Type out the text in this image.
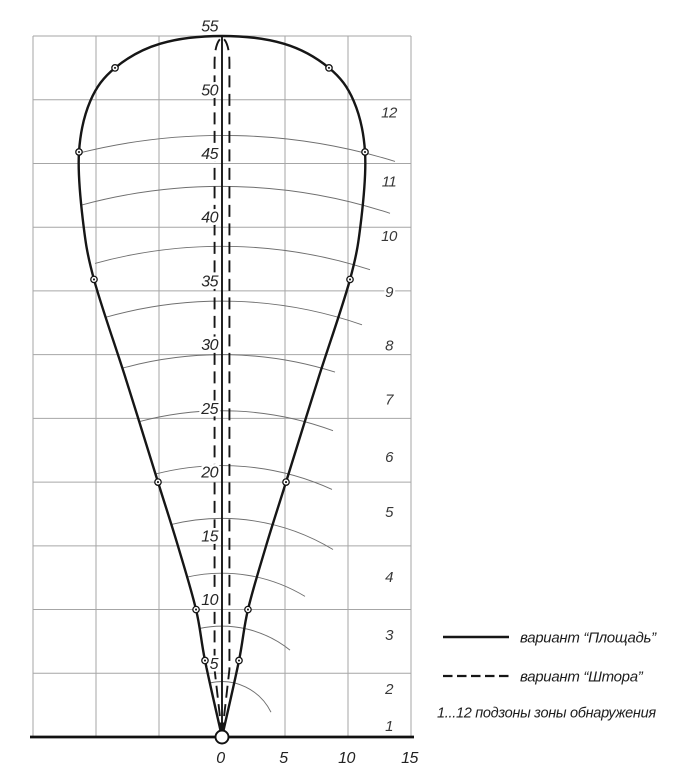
5
10
15
20
25
30
35
40
45
50
55
1
2
3
4
5
6
7
8
9
10
11
12
0	5	10	15
вариант “Площадь”
вариант “Штора”
1...12 подзоны зоны обнаружения
